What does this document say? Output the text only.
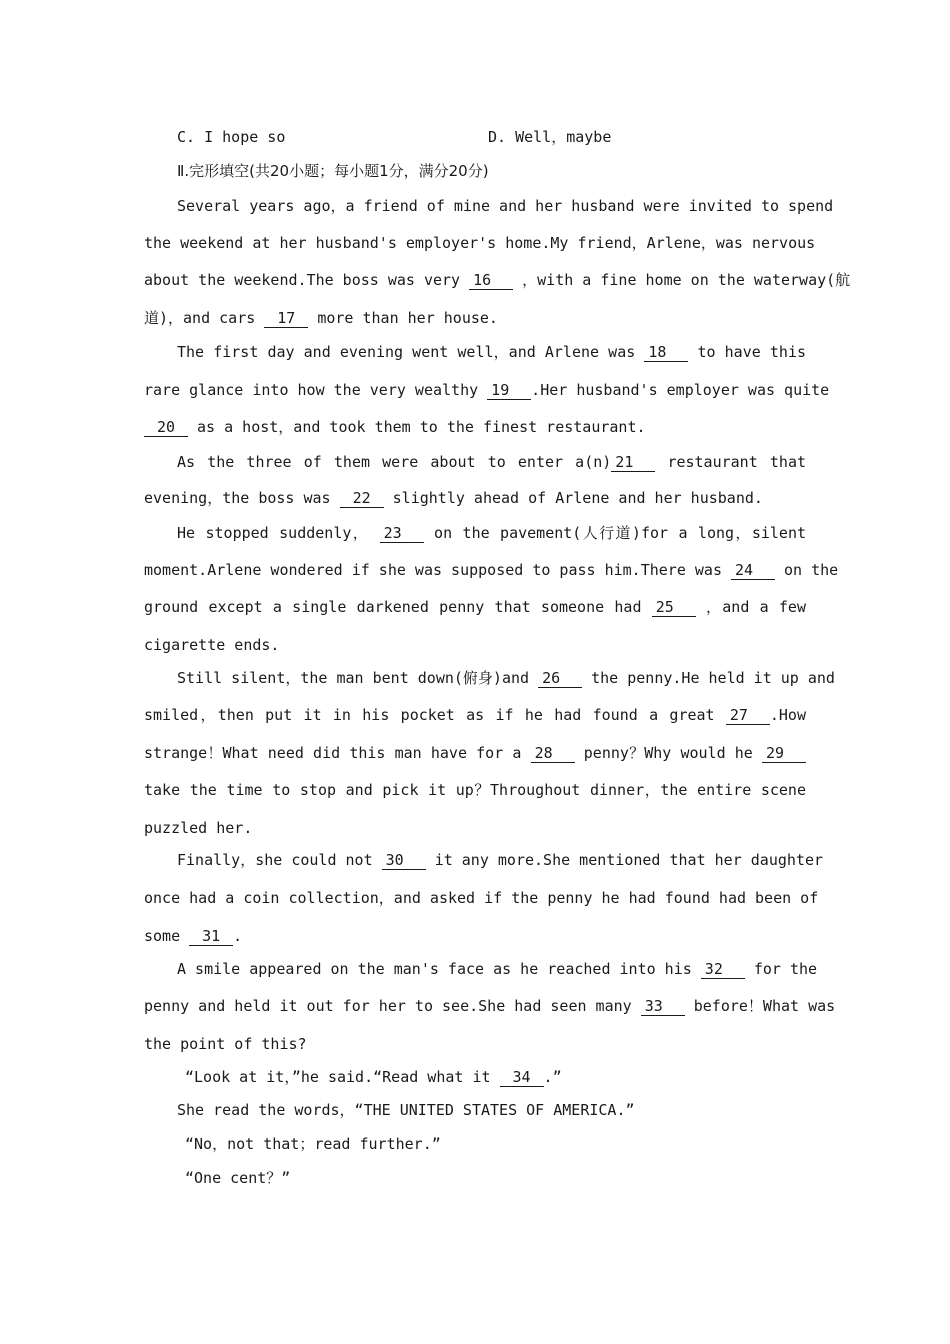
C. I hope so	D. Well，maybe
Ⅱ.完形填空(共20小题；每小题1分，满分20分)
Several years ago，a friend of mine and her husband were invited to spend
the weekend at her husband's employer's home.My friend，Arlene，was nervous
about the weekend.The boss was very 16 ，with a fine home on the waterway(航
道)，and cars 17 more than her house.
The first day and evening went well，and Arlene was 18 to have this
rare glance into how the very wealthy 19 .Her husband's employer was quite
20 as a host，and took them to the finest restaurant.
As the three of them were about to enter a(n) 21 restaurant that
evening，the boss was 22 slightly ahead of Arlene and her husband.
He stopped suddenly， 23 on the pavement(人行道)for a long，silent
moment.Arlene wondered if she was supposed to pass him.There was 24 on the
ground except a single darkened penny that someone had 25 ，and a few
cigarette ends.
Still silent，the man bent down(俯身)and 26 the penny.He held it up and
smiled，then put it in his pocket as if he had found a great 27 .How
strange！What need did this man have for a 28 penny？Why would he 29
take the time to stop and pick it up？Throughout dinner，the entire scene
puzzled her.
Finally，she could not 30 it any more.She mentioned that her daughter
once had a coin collection，and asked if the penny he had found had been of
some 31 .
A smile appeared on the man's face as he reached into his 32 for the
penny and held it out for her to see.She had seen many 33 before！What was
the point of this?
“Look at it，”he said.“Read what it 34 .”
She read the words，“THE UNITED STATES OF AMERICA.”
“No，not that；read further.”
“One cent？”
